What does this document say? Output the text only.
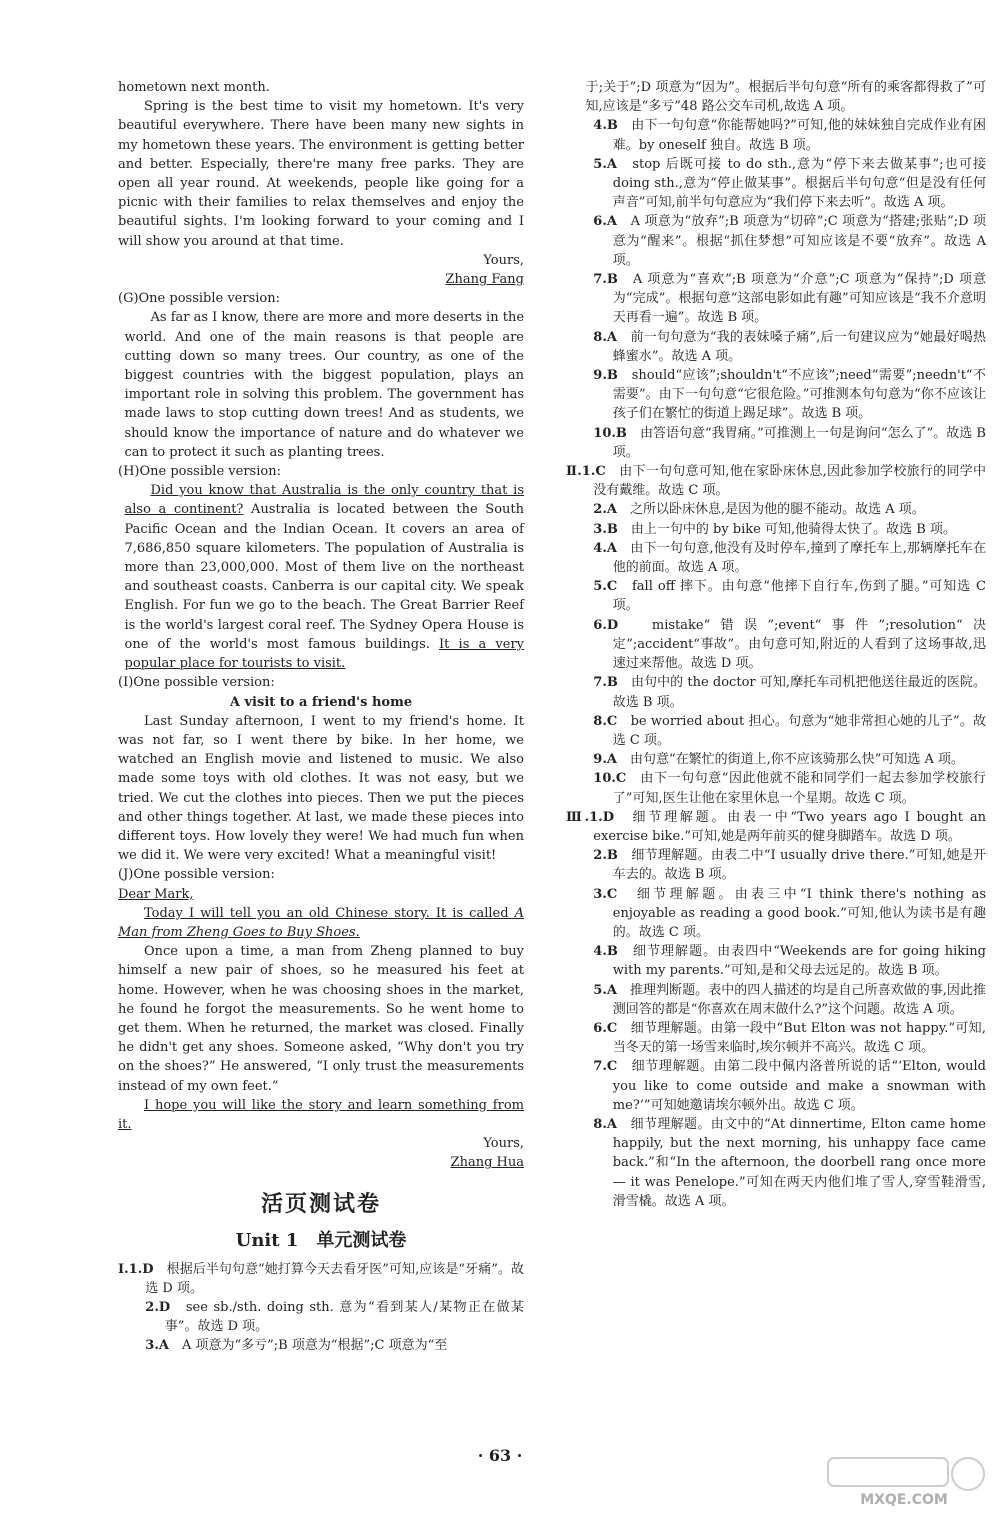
hometown next month.

Spring is the best time to visit my hometown. It's very beautiful everywhere. There have been many new sights in my hometown these years. The environment is getting better and better. Especially, there're many free parks. They are open all year round. At weekends, people like going for a picnic with their families to relax themselves and enjoy the beautiful sights. I'm looking forward to your coming and I will show you around at that time.

Yours,

Zhang Fang

(G)One possible version:

As far as I know, there are more and more deserts in the world. And one of the main reasons is that people are cutting down so many trees. Our country, as one of the biggest countries with the biggest population, plays an important role in solving this problem. The government has made laws to stop cutting down trees! And as students, we should know the importance of nature and do whatever we can to protect it such as planting trees.

(H)One possible version:

Did you know that Australia is the only country that is also a continent? Australia is located between the South Pacific Ocean and the Indian Ocean. It covers an area of 7,686,850 square kilometers. The population of Australia is more than 23,000,000. Most of them live on the northeast and southeast coasts. Canberra is our capital city. We speak English. For fun we go to the beach. The Great Barrier Reef is the world's largest coral reef. The Sydney Opera House is one of the world's most famous buildings. It is a very popular place for tourists to visit.

(I)One possible version:

A visit to a friend's home

Last Sunday afternoon, I went to my friend's home. It was not far, so I went there by bike. In her home, we watched an English movie and listened to music. We also made some toys with old clothes. It was not easy, but we tried. We cut the clothes into pieces. Then we put the pieces and other things together. At last, we made these pieces into different toys. How lovely they were! We had much fun when we did it. We were very excited! What a meaningful visit!

(J)One possible version:

Dear Mark,

Today I will tell you an old Chinese story. It is called A Man from Zheng Goes to Buy Shoes.

Once upon a time, a man from Zheng planned to buy himself a new pair of shoes, so he measured his feet at home. However, when he was choosing shoes in the market, he found he forgot the measurements. So he went home to get them. When he returned, the market was closed. Finally he didn't get any shoes. Someone asked, “Why don't you try on the shoes?” He answered, “I only trust the measurements instead of my own feet.”

I hope you will like the story and learn something from it.

Yours,

Zhang Hua

活页测试卷
Unit 1　单元测试卷

Ⅰ.1.D　 根据后半句句意“她打算今天去看牙医”可知,应该是“牙痛”。故选 D 项。

2.D　 see sb./sth. doing sth. 意为“看到某人/某物正在做某事”。故选 D 项。

3.A　 A 项意为“多亏”;B 项意为“根据”;C 项意为“至

于;关于”;D 项意为“因为”。根据后半句句意“所有的乘客都得救了”可知,应该是“多亏”48 路公交车司机,故选 A 项。

4.B　 由下一句句意“你能帮她吗?”可知,他的妹妹独自完成作业有困难。by oneself 独自。故选 B 项。

5.A　 stop 后既可接 to do sth.,意为“停下来去做某事”;也可接 doing sth.,意为“停止做某事”。根据后半句句意“但是没有任何声音”可知,前半句句意应为“我们停下来去听”。故选 A 项。

6.A　 A 项意为“放弃”;B 项意为“切碎”;C 项意为“搭建;张贴”;D 项意为“醒来”。根据“抓住梦想”可知应该是不要“放弃”。故选 A 项。

7.B　 A 项意为“喜欢”;B 项意为“介意”;C 项意为“保持”;D 项意为“完成”。根据句意“这部电影如此有趣”可知应该是“我不介意明天再看一遍”。故选 B 项。

8.A　 前一句句意为“我的表妹嗓子痛”,后一句建议应为“她最好喝热蜂蜜水”。故选 A 项。

9.B　 should“应该”;shouldn't“不应该”;need“需要”;needn't“不需要”。由下一句句意“它很危险。”可推测本句句意为“你不应该让孩子们在繁忙的街道上踢足球”。故选 B 项。

10.B　 由答语句意“我胃痛。”可推测上一句是询问“怎么了”。故选 B 项。

Ⅱ.1.C　 由下一句句意可知,他在家卧床休息,因此参加学校旅行的同学中没有戴维。故选 C 项。

2.A　 之所以卧床休息,是因为他的腿不能动。故选 A 项。

3.B　 由上一句中的 by bike 可知,他骑得太快了。故选 B 项。

4.A　 由下一句句意,他没有及时停车,撞到了摩托车上,那辆摩托车在他的前面。故选 A 项。

5.C　 fall off 摔下。由句意“他摔下自行车,伤到了腿。”可知选 C 项。

6.D　	mistake“错误”;event“事件”;resolution“决定”;accident“事故”。由句意可知,附近的人看到了这场事故,迅速过来帮他。故选 D 项。

7.B　 由句中的 the doctor 可知,摩托车司机把他送往最近的医院。故选 B 项。

8.C　 be worried about 担心。句意为“她非常担心她的儿子”。故选 C 项。

9.A　 由句意“在繁忙的街道上,你不应该骑那么快”可知选 A 项。

10.C　 由下一句句意“因此他就不能和同学们一起去参加学校旅行了”可知,医生让他在家里休息一个星期。故选 C 项。

Ⅲ.1.D　 细节理解题。由表一中“Two years ago I bought an exercise bike.”可知,她是两年前买的健身脚踏车。故选 D 项。

2.B　 细节理解题。由表二中“I usually drive there.”可知,她是开车去的。故选 B 项。

3.C　 细节理解题。由表三中“I think there's nothing as enjoyable as reading a good book.”可知,他认为读书是有趣的。故选 C 项。

4.B　 细节理解题。由表四中“Weekends are for going hiking with my parents.”可知,是和父母去远足的。故选 B 项。

5.A　 推理判断题。表中的四人描述的均是自己所喜欢做的事,因此推测回答的都是“你喜欢在周末做什么?”这个问题。故选 A 项。

6.C　 细节理解题。由第一段中“But Elton was not happy.”可知,当冬天的第一场雪来临时,埃尔顿并不高兴。故选 C 项。

7.C　 细节理解题。由第二段中佩内洛普所说的话“‘Elton, would you like to come outside and make a snowman with me?’”可知她邀请埃尔顿外出。故选 C 项。

8.A　 细节理解题。由文中的“At dinnertime, Elton came home happily, but the next morning, his unhappy face came back.”和“In the afternoon, the doorbell rang once more— it was Penelope.”可知在两天内他们堆了雪人,穿雪鞋滑雪,滑雪橇。故选 A 项。

· 63 ·
MXQE.COM
